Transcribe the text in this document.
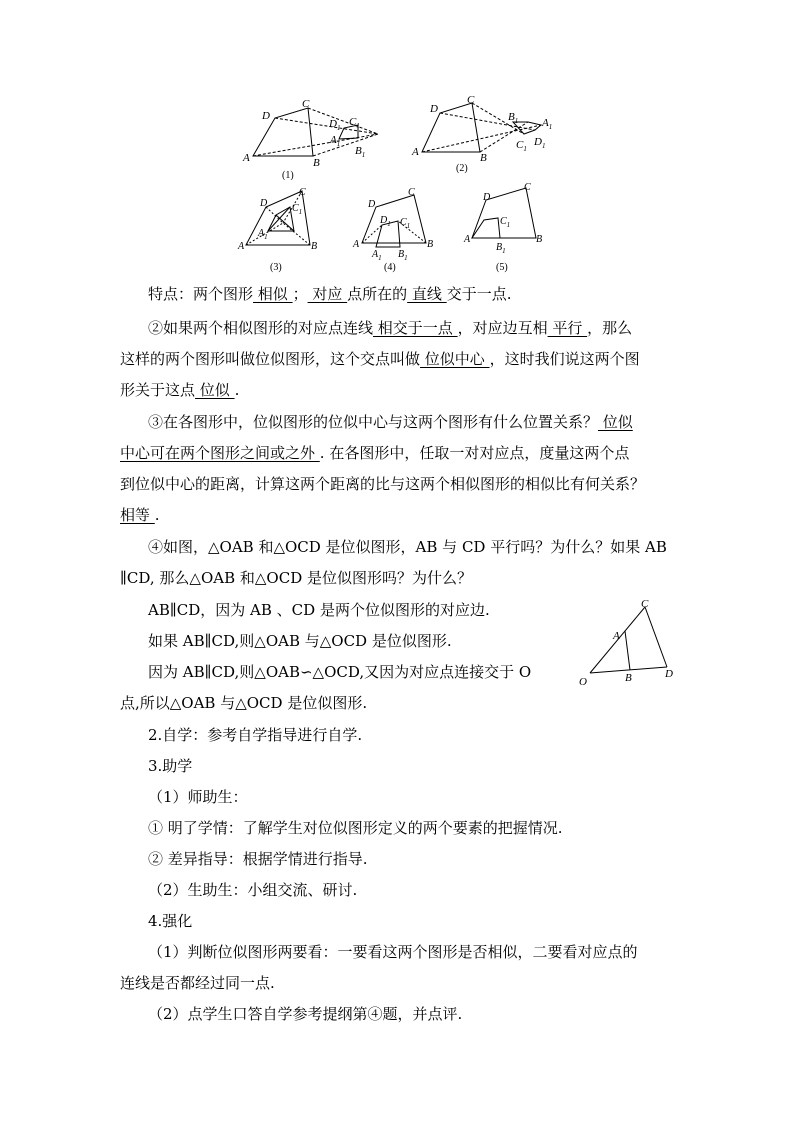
A	B
C
D
$A_1$
$B_1$
$C_1$
$D_1$
(1)
A	B
C
D
$A_1$
$B_1$
$C_1$
$D_1$
(2)
A	B
C
D
$A_1$
$C_1$
(3)
A	B
C
D
$A_1$ $B_1$
$C_1$
$D_1$
(4)
A	B
C
D
$B_1$
$C_1$
(5)
O
A
B
C
D
特点：两个图形 相似 ； 对应 点所在的 直线 交于一点.
②如果两个相似图形的对应点连线 相交于一点 ，对应边互相 平行 ，那么
这样的两个图形叫做位似图形，这个交点叫做 位似中心 ，这时我们说这两个图
形关于这点 位似 .
③在各图形中，位似图形的位似中心与这两个图形有什么位置关系？ 位似
中心可在两个图形之间或之外 . 在各图形中，任取一对对应点，度量这两个点
到位似中心的距离，计算这两个距离的比与这两个相似图形的相似比有何关系？
相等 .
④如图，△OAB 和△OCD 是位似图形，AB 与 CD 平行吗？为什么？如果 AB
∥CD, 那么△OAB 和△OCD 是位似图形吗？为什么？
AB∥CD，因为 AB 、CD 是两个位似图形的对应边.
如果 AB∥CD,则△OAB 与△OCD 是位似图形.
因为 AB∥CD,则△OAB∽△OCD,又因为对应点连接交于 O
点,所以△OAB 与△OCD 是位似图形.
2.自学：参考自学指导进行自学.
3.助学
（1）师助生：
① 明了学情：了解学生对位似图形定义的两个要素的把握情况.
② 差异指导：根据学情进行指导.
（2）生助生：小组交流、研讨.
4.强化
（1）判断位似图形两要看：一要看这两个图形是否相似，二要看对应点的
连线是否都经过同一点.
（2）点学生口答自学参考提纲第④题，并点评.
